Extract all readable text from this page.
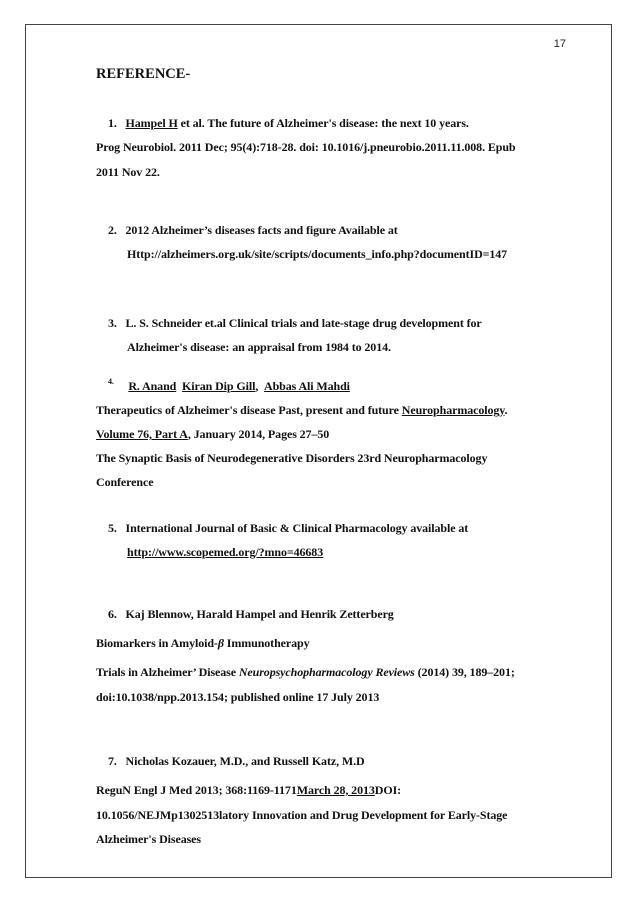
17
REFERENCE-
1. Hampel H et al. The future of Alzheimer's disease: the next 10 years.
Prog Neurobiol. 2011 Dec; 95(4):718-28. doi: 10.1016/j.pneurobio.2011.11.008. Epub
2011 Nov 22.
2. 2012 Alzheimer’s diseases facts and figure Available at
Http://alzheimers.org.uk/site/scripts/documents_info.php?documentID=147
3. L. S. Schneider et.al Clinical trials and late-stage drug development for
Alzheimer's disease: an appraisal from 1984 to 2014.
$^{4.}$ R. Anand Kiran Dip Gill,  Abbas Ali Mahdi
Therapeutics of Alzheimer's disease Past, present and future Neuropharmacology.
Volume 76, Part A, January 2014, Pages 27–50
The Synaptic Basis of Neurodegenerative Disorders 23rd Neuropharmacology
Conference
5. International Journal of Basic & Clinical Pharmacology available at
http://www.scopemed.org/?mno=46683
6. Kaj Blennow, Harald Hampel and Henrik Zetterberg
Biomarkers in Amyloid-β Immunotherapy
Trials in Alzheimer’ Disease Neuropsychopharmacology Reviews (2014) 39, 189–201;
doi:10.1038/npp.2013.154; published online 17 July 2013
7. Nicholas Kozauer, M.D., and Russell Katz, M.D
ReguN Engl J Med 2013; 368:1169-1171March 28, 2013DOI:
10.1056/NEJMp1302513latory Innovation and Drug Development for Early-Stage
Alzheimer's Diseases
